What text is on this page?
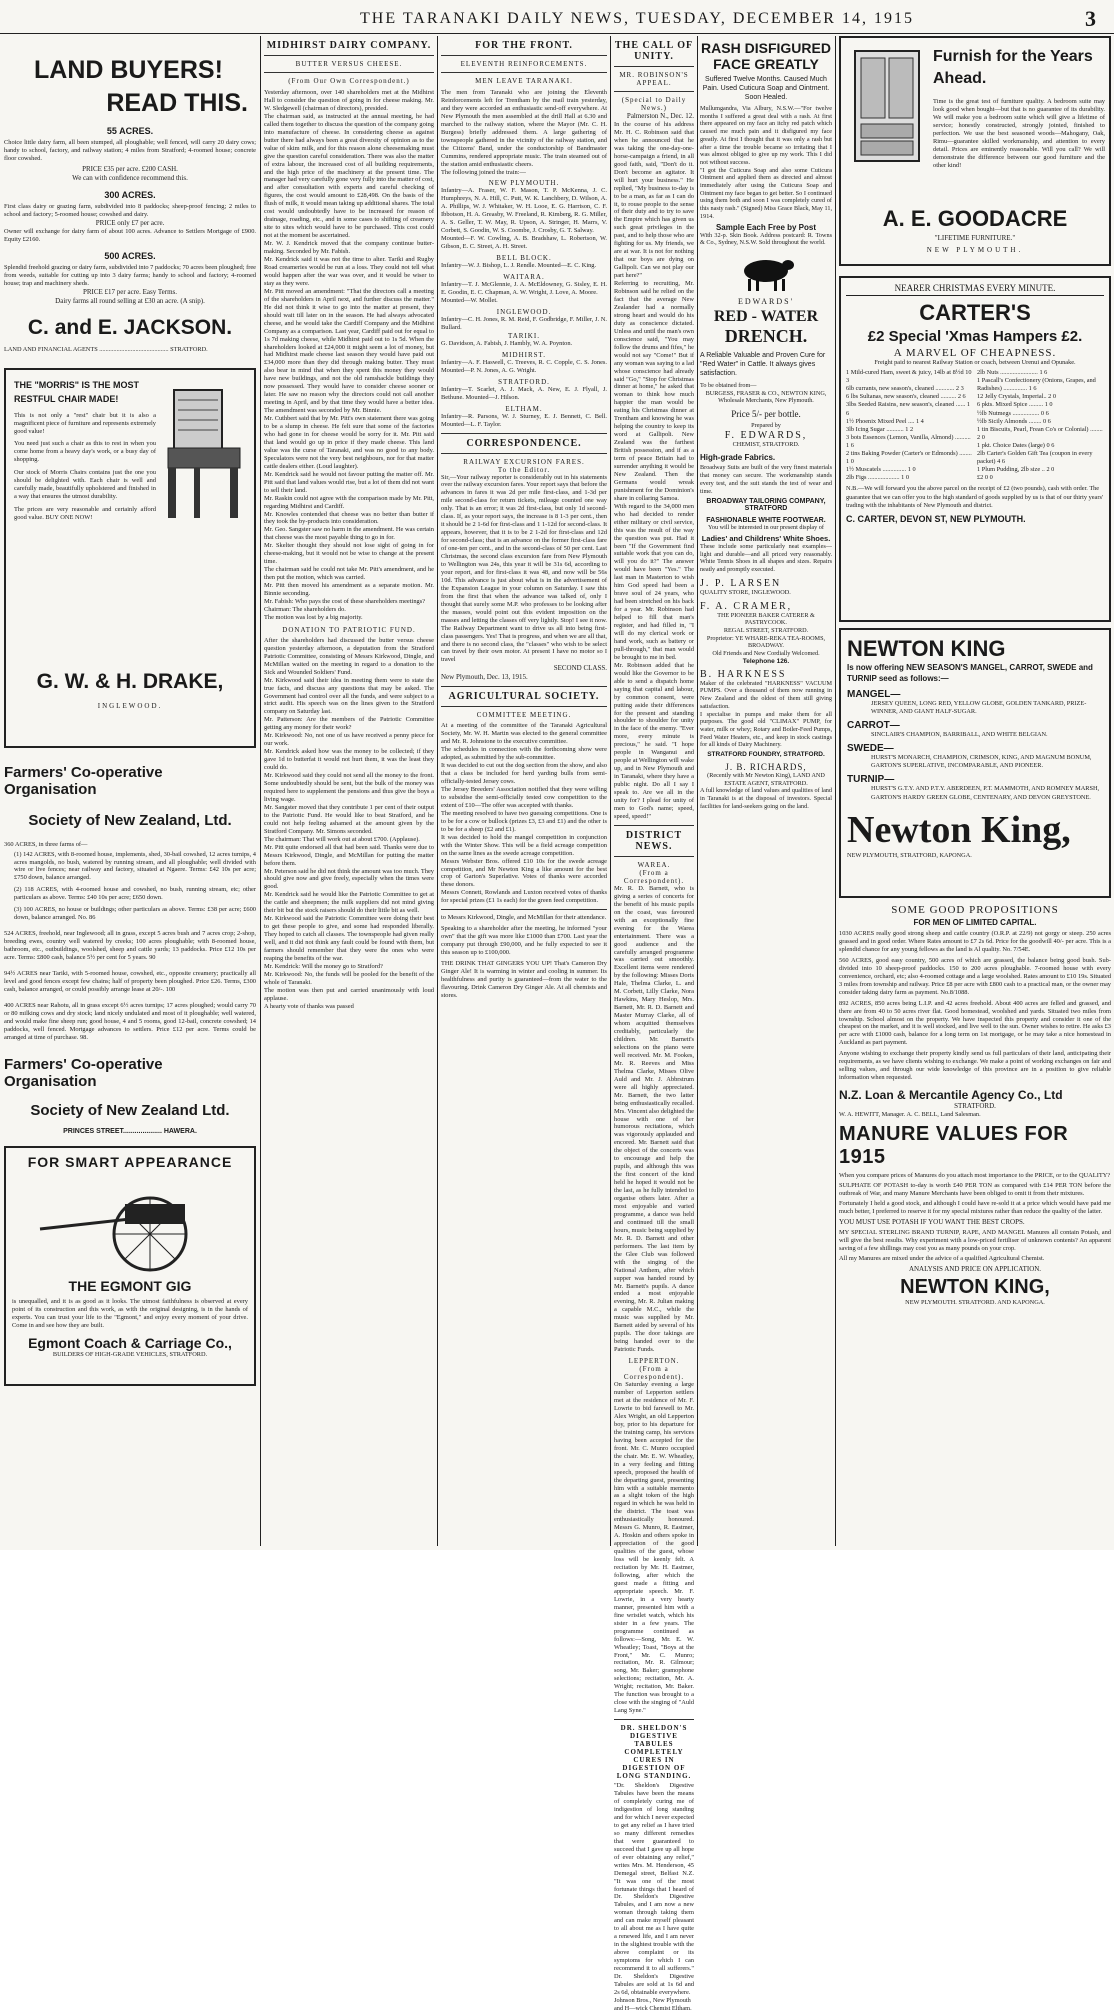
THE TARANAKI DAILY NEWS, TUESDAY, DECEMBER 14, 1915	3
LAND BUYERS!
READ THIS.
55 ACRES.
Choice little dairy farm, all been stumped, all ploughable; well fenced, will carry 20 dairy cows; handy to school, factory, and railway station; 4 miles from Stratford; 4-roomed house; concrete floor cowshed.
PRICE £35 per acre. £200 CASH.
We can with confidence recommend this.
300 ACRES.
First class dairy or grazing farm, subdivided into 8 paddocks; sheep-proof fencing; 2 miles to school and factory; 5-roomed house; cowshed and dairy.
PRICE only £7 per acre.
Owner will exchange for dairy farm of about 100 acres. Advance to Settlers Mortgage of £900. Equity £2160.
500 ACRES.
Splendid freehold grazing or dairy farm, subdivided into 7 paddocks; 70 acres been ploughed; free from weeds, suitable for cutting up into 3 dairy farms; handy to school and factory; 4-roomed house; trap and machinery sheds.
PRICE £17 per acre. Easy Terms.
Dairy farms all round selling at £30 an acre. (A snip).
C. and E. JACKSON.
LAND AND FINANCIAL AGENTS ............................................ STRATFORD.
THE "MORRIS" IS THE MOST RESTFUL CHAIR MADE!
This is not only a "rest" chair but it is also a magnificent piece of furniture and represents extremely good value!
You need just such a chair as this to rest in when you come home from a heavy day's work, or a busy day of shopping.
Our stock of Morris Chairs contains just the one you should be delighted with. Each chair is well and carefully made, beautifully upholstered and finished in a way that ensures the utmost durability.
The prices are very reasonable and certainly afford good value. BUY ONE NOW!
G. W. & H. DRAKE,
INGLEWOOD.
Farmers' Co-operative Organisation
Society of New Zealand, Ltd.
360 ACRES, in three farms of—
(1) 142 ACRES, with 8-roomed house, implements, shed, 30-bail cowshed, 12 acres turnips, 4 acres mangolds, no bush, watered by running stream, and all ploughable; well divided with wire or live fences; near railway and factory, situated at Ngaere. Terms: £42 10s per acre; £750 down, balance arranged.
(2) 118 ACRES, with 4-roomed house and cowshed, no bush, running stream, etc; other particulars as above. Terms: £40 10s per acre; £650 down.
(3) 100 ACRES, no house or buildings; other particulars as above. Terms: £38 per acre; £600 down, balance arranged. No. 86
524 ACRES, freehold, near Inglewood; all in grass, except 5 acres bush and 7 acres crop; 2-shop, breeding ewes, country well watered by creeks; 100 acres ploughable; with 8-roomed house, bathroom, etc., outbuildings, woolshed, sheep and cattle yards; 13 paddocks. Price £12 10s per acre. Terms: £800 cash, balance 5½ per cent for 5 years. 90
94½ ACRES near Tariki, with 5-roomed house, cowshed, etc., opposite creamery; practically all level and good fences except few chains; half of property been ploughed. Price £26. Terms, £300 cash, balance arranged, or could possibly arrange lease at 20/-. 100
400 ACRES near Rahotu, all in grass except 6½ acres turnips; 17 acres ploughed; would carry 70 or 80 milking cows and dry stock; land nicely undulated and most of it ploughable; well watered, and would make fine sheep run; good house, 4 and 5 rooms, good 12-bail, concrete cowshed; 14 paddocks, well fenced. Mortgage advances to settlers. Price £12 per acre. Terms could be arranged at time of purchase. 98.
Farmers' Co-operative Organisation
Society of New Zealand Ltd.
PRINCES STREET.................... HAWERA.
FOR SMART APPEARANCE
THE EGMONT GIG
is unequalled, and it is as good as it looks. The utmost faithfulness is observed at every point of its construction and this work, as with the original designing, is in the hands of experts. You can trust your life to the "Egmont," and enjoy every moment of your drive. Come in and see how they are built.
Egmont Coach & Carriage Co.,
BUILDERS OF HIGH-GRADE VEHICLES, STRATFORD.
MIDHIRST DAIRY COMPANY.
BUTTER VERSUS CHEESE.
(From Our Own Correspondent.)
Yesterday afternoon, over 140 shareholders met at the Midhirst Hall to consider the question of going in for cheese making. Mr. W. Sledgewell (chairman of directors), presided.
The chairman said, as instructed at the annual meeting, he had called them together to discuss the question of the company going into manufacture of cheese. In considering cheese as against butter there had always been a great diversity of opinion as to the value of skim milk, and for this reason alone cheesemaking must give the question careful consideration. There was also the matter of extra labour, the increased cost of all building requirements, and the high price of the machinery at the present time. The manager had very carefully gone very fully into the matter of cost, and after consultation with experts and careful checking of figures, the cost would amount to £28,498. On the basis of the flush of milk, it would mean taking up additional shares. The total cost would undoubtedly have to be increased for reason of drainage, roading, etc., and in some cases to shifting of creamery site to sites which would have to be purchased. This cost could not at the moment be ascertained.
Mr. W. J. Kendrick moved that the company continue butter-making. Seconded by Mr. Fabish.
Mr. Kendrick said it was not the time to alter. Tariki and Rugby Road creameries would be run at a loss. They could not tell what would happen after the war was over, and it would be wiser to stay as they were.
Mr. Pitt moved an amendment: "That the directors call a meeting of the shareholders in April next, and further discuss the matter." He did not think it wise to go into the matter at present, they should wait till later on in the season. He had always advocated cheese, and he would take the Cardiff Company and the Midhirst Company as a comparison. Last year, Cardiff paid out for equal to 1s 7d making cheese, while Midhirst paid out to 1s 5d. When the shareholders looked at £24,000 it might seem a lot of money, but had Midhirst made cheese last season they would have paid out £34,000 more than they did through making butter. They must also bear in mind that when they spent this money they would have new buildings, and not the old ramshackle buildings they now possessed. They would have to consider cheese sooner or later. He saw no reason why the directors could not call another meeting in April, and by that time they would have a better idea. The amendment was seconded by Mr. Binnie.
Mr. Cuthbert said that by Mr. Pitt's own statement there was going to be a slump in cheese. He felt sure that some of the factories who had gone in for cheese would be sorry for it. Mr. Pitt said that land would go up in price if they made cheese. This land value was the curse of Taranaki, and was no good to any body. Speculators were not the very best neighbours, nor for that matter cattle dealers either. (Loud laughter).
Mr. Kendrick said he would not favour putting the matter off. Mr. Pitt said that land values would rise, but a lot of them did not want to sell their land.
Mr. Raskin could not agree with the comparison made by Mr. Pitt, regarding Midhirst and Cardiff.
Mr. Knowles contended that cheese was no better than butter if they took the by-products into consideration.
Mr. Geo. Sangster saw no harm in the amendment. He was certain that cheese was the most payable thing to go in for.
Mr. Skelter thought they should not lose sight of going in for cheese-making, but it would not be wise to change at the present time.
The chairman said he could not take Mr. Pitt's amendment, and he then put the motion, which was carried.
Mr. Pitt then moved his amendment as a separate motion. Mr. Binnie seconding.
Mr. Fabish: Who pays the cost of these shareholders meetings?
Chairman: The shareholders do.
The motion was lost by a big majority.
DONATION TO PATRIOTIC FUND.
After the shareholders had discussed the butter versus cheese question yesterday afternoon, a deputation from the Stratford Patriotic Committee, consisting of Messrs Kirkwood, Dingle, and McMillan waited on the meeting in regard to a donation to the Sick and Wounded Soldiers' Fund.
Mr. Kirkwood said their idea in meeting them were to state the true facts, and discuss any questions that may be asked. The Government had control over all the funds, and were subject to a strict audit. His speech was on the lines given to the Stratford company on Saturday last.
Mr. Patterson: Are the members of the Patriotic Committee getting any money for their work?
Mr. Kirkwood: No, not one of us have received a penny piece for our work.
Mr. Kendrick asked how was the money to be collected; if they gave 1d to butterfat it would not hurt them, it was the least they could do.
Mr. Kirkwood said they could not send all the money to the front. Some undoubtedly should be sent, but the bulk of the money was required here to supplement the pensions and thus give the boys a living wage.
Mr. Sangster moved that they contribute 1 per cent of their output to the Patriotic Fund. He would like to beat Stratford, and he could not help feeling ashamed at the amount given by the Stratford Company. Mr. Simons seconded.
The chairman: That will work out at about £700. (Applause).
Mr. Pitt quite endorsed all that had been said. Thanks were due to Messrs Kirkwood, Dingle, and McMillan for putting the matter before them.
Mr. Peterson said he did not think the amount was too much. They should give now and give freely, especially when the times were good.
Mr. Kendrick said he would like the Patriotic Committee to get at the cattle and sheepmen; the milk suppliers did not mind giving their bit but the stock raisers should do their little bit as well.
Mr. Kirkwood said the Patriotic Committee were doing their best to get these people to give, and some had responded liberally. They hoped to catch all classes. The townspeople had given really well, and it did not think any fault could be found with them, but farmers should remember that they were the ones who were reaping the benefits of the war.
Mr. Kendrick: Will the money go to Stratford?
Mr. Kirkwood: No, the funds will be pooled for the benefit of the whole of Taranaki.
The motion was then put and carried unanimously with loud applause.
A hearty vote of thanks was passed
FOR THE FRONT.
ELEVENTH REINFORCEMENTS.
MEN LEAVE TARANAKI.
The men from Taranaki who are joining the Eleventh Reinforcements left for Trentham by the mail train yesterday, and they were accorded an enthusiastic send-off everywhere. At New Plymouth the men assembled at the drill Hall at 6.30 and marched to the railway station, where the Mayor (Mr. C. H. Burgess) briefly addressed them. A large gathering of townspeople gathered in the vicinity of the railway station, and the Citizens' Band, under the conductorship of Bandmaster Cummins, rendered appropriate music. The train steamed out of the station amid enthusiastic cheers.
The following joined the train:—
NEW PLYMOUTH.
Infantry—A. Fraser, W. F. Mason, T. P. McKenna, J. C. Humphreys, N. A. Hill, C. Putt, W. K. Lanchbery, D. Wilson, A. A. Phillips, W. J. Whitaker, W. H. Looe, E. G. Harrison, C. F. Ibbotson, H. A. Greasby, W. Freeland, R. Kimberg, R. G. Miller, A. S. Geller, T. W. May, R. Upson, A. Stringer, H. Marrs, V. Corbett, S. Goodin, W. S. Coombe, J. Crosby, G. T. Salway.
Mounted—F. W. Cowling, A. B. Bradshaw, L. Robertson, W. Gibson, E. C. Street, A. H. Street.
BELL BLOCK.
Infantry—W. J. Bishop, L. J. Rendle. Mounted—E. C. King.
WAITARA.
Infantry—T. J. McGlennie, J. A. McEldowney, G. Sisley, E. H. E. Goodin, E. C. Chapman, A. W. Wright, J. Love, A. Moore.
Mounted—W. Mollet.
INGLEWOOD.
Infantry—C. H. Jones, R. M. Reid, F. Godbridge, F. Miller, J. N. Bullard.
TARIKI.
G. Davidson, A. Fabish, J. Hambly, W. A. Poynton.
MIDHIRST.
Infantry—A. F. Haswell, C. Treeves, R. C. Copple, C. S. Jones. Mounted—P. N. Jones, A. G. Wright.
STRATFORD.
Infantry—T. Scarlet, A. J. Mack, A. New, E. J. Flyall, J. Bethune. Mounted—J. Hilson.
ELTHAM.
Infantry—R. Parsons, W. J. Sturney, E. J. Bennett, C. Bell. Mounted—L. F. Taylor.
CORRESPONDENCE.
RAILWAY EXCURSION FARES.
To the Editor.
Sir,—Your railway reporter is considerably out in his statements over the railway excursion fares. Your report says that before the advances in fares it was 2d per mile first-class, and 1-3d per mile second-class for return tickets, mileage counted one way only. That is an error; it was 2d first-class, but only 1d second-class. If, as your report says, the increase is 8 1-3 per cent., then it should be 2 1-6d for first-class and 1 1-12d for second-class. It appears, however, that it is to be 2 1-2d for first-class and 12d for second-class; that is an advance on the former first-class fare of one-ten per cent., and in the second-class of 50 per cent. Last Christmas, the second class excursion fare from New Plymouth to Wellington was 24s, this year it will be 31s 6d, according to your report, and for first-class it was 48, and now will be 56s 10d. This advance is just about what is in the advertisement of the Expansion League in your column on Saturday. I saw this from the first that when the advance was talked of, only I thought that surely some M.P. who professes to be looking after the masses, would point out this evident imposition on the masses and letting the classes off very lightly. Stop! I see it now. The Railway Department want to drive us all into being first-class passengers. Yes! That is progress, and when we are all that, and there is no second class, the "classes" who wish to be select can travel by their own motor. At present I have no motor so I travel
SECOND CLASS.
New Plymouth, Dec. 13, 1915.
AGRICULTURAL SOCIETY.
COMMITTEE MEETING.
At a meeting of the committee of the Taranaki Agricultural Society, Mr. W. H. Martin was elected to the general committee and Mr. R. Johnstone to the executive committee.
The schedules in connection with the forthcoming show were adopted, as submitted by the sub-committee.
It was decided to cut out the dog section from the show, and also that a class be included for herd yarding bulls from semi-officially-tested Jersey cows.
The Jersey Breeders' Association notified that they were willing to subsidise the semi-officially tested cow competition to the extent of £10—The offer was accepted with thanks.
The meeting resolved to have two guessing competitions. One is to be for a cow or bullock (prizes £3, £3 and £1) and the other is to be for a sheep (£2 and £1).
It was decided to hold the mangel competition in conjunction with the Winter Show. This will be a field acreage competition on the same lines as the swede acreage competition.
Messrs Webster Bros. offered £10 10s for the swede acreage competition, and Mr Newton King a like amount for the best crop of Garton's Superlative. Votes of thanks were accorded these donors.
Messrs Connett, Rowlands and Luxton received votes of thanks for special prizes (£1 1s each) for the green feed competition.
to Messrs Kirkwood, Dingle, and McMillan for their attendance.
Speaking to a shareholder after the meeting, he informed "your own" that the gift was more like £1000 than £700. Last year the company put through £90,000, and he fully expected to see it this season up to £100,000.
THE DRINK THAT GINGERS YOU UP! That's Cameron Dry Ginger Ale! It is warming in winter and cooling in summer. Its healthfulness and purity is guaranteed—from the water to the flavouring. Drink Cameron Dry Ginger Ale. At all chemists and stores.
THE CALL OF UNITY.
MR. ROBINSON'S APPEAL.
(Special to Daily News.)
Palmerston N., Dec. 12.
In the course of his address Mr. H. C. Robinson said that when he announced that he was taking the one-day-one-horse-campaign a friend, in all good faith, said, "Don't do it. Don't become an agitator. It will hurt your business." He replied, "My business to-day is to be a man, as far as I can do it, to rouse people to the sense of their duty and to try to save the Empire which has given us such great privileges in the past, and to help those who are fighting for us. My friends, we are at war. It is not for nothing that our boys are dying on Gallipoli. Can we not play our part here?"
Referring to recruiting, Mr. Robinson said he relied on the fact that the average New Zealander had a normally strong heart and would do his duty as conscience dictated. Unless and until the man's own conscience said, "You may follow the drums and fifes," he would not say "Come!" But if any woman was saying to a lad whose conscience had already said "Go," "Stop for Christmas dinner at home," he asked that woman to think how much happier the man would be eating his Christmas dinner at Trentham and knowing he was helping the country to keep its word at Gallipoli. New Zealand was the farthest British possession, and if as a term of peace Britain had to surrender anything it would be New Zealand. Then the Germans would wreak punishment for the Dominion's share in collaring Samoa.
With regard to the 34,000 men who had decided to render either military or civil service, this was the result of the way the question was put. Had it been "If the Government find suitable work that you can do, will you do it?" The answer would have been "Yes." The last man in Masterton to wish him God speed had been a brave soul of 24 years, who had been stretched on his back for a year. Mr. Robinson had helped to fill that man's register, and had filled in, "I will do my clerical work or hand work, such as battery or pull-through," that man would be brought to me in bed.
Mr. Robinson added that he would like the Governor to be able to send a dispatch home saying that capital and labour, by common consent, were putting aside their differences for the present and standing shoulder to shoulder for unity in the face of the enemy. "Ever more, every minute is precious," he said. "I hope people in Wanganui and people at Wellington will wake up, and in New Plymouth and in Taranaki, where they have a public night. Do all I say I speak to. Are we all in the unity for? I plead for unity of men to God's name; speed, speed, speed!"
DISTRICT NEWS.
WAREA.
(From a Correspondent).
Mr. R. D. Barnett, who is giving a series of concerts for the benefit of his music pupils on the coast, was favoured with an exceptionally fine evening for the Warea entertainment. There was a good audience and the carefully arranged programme was carried out smoothly. Excellent items were rendered by the following: Misses Doris Hale, Thelma Clarke, L. and M. Corbett, Lilly Clarke, Nora Hawkins, Mary Heslop, Mrs. Barnett, Mr. R. D. Barnett and Master Murray Clarke, all of whom acquitted themselves creditably, particularly the children. Mr. Barnett's selections on the piano were well received. Mr. M. Fookes, Mr. R. Reeves and Miss Thelma Clarke, Misses Olive Auld and Mr. J. Abbrstrum were all highly appreciated. Mr. Barnett, the two latter being enthusiastically recalled. Mrs. Vincent also delighted the house with one of her humorous recitations, which was vigorously applauded and encored. Mr. Barnett said that the object of the concerts was to encourage and help the pupils, and although this was the first concert of the kind held he hoped it would not be the last, as he fully intended to organise others later. After a most enjoyable and varied programme, a dance was held and continued till the small hours, music being supplied by Mr. R. D. Barnett and other performers. The last item by the Glee Club was followed with the singing of the National Anthem, after which supper was handed round by Mr. Barnett's pupils. A dance ended a most enjoyable evening, Mr. R. Julian making a capable M.C., while the music was supplied by Mr. Barnett aided by several of his pupils. The door takings are being handed over to the Patriotic Funds.
LEPPERTON.
(From a Correspondent).
On Saturday evening a large number of Lepperton settlers met at the residence of Mr. F. Lowrie to bid farewell to Mr. Alex Wright, an old Lepperton boy, prior to his departure for the training camp, his services having been accepted for the front. Mr. C. Munro occupied the chair. Mr. E. W. Wheatley, in a very feeling and fitting speech, proposed the health of the departing guest, presenting him with a suitable memento as a slight token of the high regard in which he was held in the district. The toast was enthusiastically honoured. Messrs G. Munro, R. Eastmer, A. Hoskin and others spoke in appreciation of the good qualities of the guest, whose loss will be keenly felt. A recitation by Mr. H. Eastmer, following, after which the guest made a fitting and appropriate speech. Mr. F. Lowrie, in a very hearty manner, presented him with a fine wristlet watch, which his sister in a few years. The programme continued as follows:—Song, Mr. E. W. Wheatley; Toast, "Boys at the Front," Mr. C. Munro; recitation, Mr. R. Gilmour; song, Mr. Baker; gramophone selections; recitation, Mr. A. Wright; recitation, Mr. Baker. The function was brought to a close with the singing of "Auld Lang Syne."
DR. SHELDON'S DIGESTIVE TABULES COMPLETELY CURES IN DIGESTION OF LONG STANDING.
"Dr. Sheldon's Digestive Tabules have been the means of completely curing me of indigestion of long standing and for which I never expected to get any relief as I have tried so many different remedies that were guaranteed to succeed that I gave up all hope of ever obtaining any relief," writes Mrs. M. Henderson, 45 Demegal street, Belfast N.Z. "It was one of the most fortunate things that I heard of Dr. Sheldon's Digestive Tabules, and I am now a new woman through taking them and can make myself pleasant to all about me as I have quite a renewed life, and I am never in the slightest trouble with the above complaint or its symptoms for which I can recommend it to all sufferers." Dr. Sheldon's Digestive Tabules are sold at 1s 6d and 2s 6d, obtainable everywhere.
Johnson Bros., New Plymouth and H—wick Chemist Eltham.
Furnish for the Years Ahead.
Time is the great test of furniture quality. A bedroom suite may look good when bought—but that is no guarantee of its durability. We will make you a bedroom suite which will give a lifetime of service; honestly constructed, strongly jointed, finished to perfection. We use the best seasoned woods—Mahogany, Oak, Rimu—guarantee skilled workmanship, and attention to every detail. Prices are eminently reasonable. Will you call? We will demonstrate the difference between our good furniture and the other kind!
A. E. GOODACRE
"LIFETIME FURNITURE."
NEW PLYMOUTH.
NEARER CHRISTMAS EVERY MINUTE.
CARTER'S
£2 Special 'Xmas Hampers £2.
A MARVEL OF CHEAPNESS.
Freight paid to nearest Railway Station or coach, between Urenui and Opunake.
1 Mild-cured Ham, sweet & juicy, 14lb at 8½d 10 3
6lb currants, new season's, cleaned ............ 2 3
6 lbs Sultanas, new season's, cleaned .......... 2 6
3lbs Seeded Raisins, new season's, cleaned ...... 1 6
1½ Phoenix Mixed Peel .... 1 4
3lb Icing Sugar ........... 1 2
3 bots Essences (Lemon, Vanilla, Almond) .......... 1 6
2 tins Baking Powder (Carter's or Edmonds) ........ 1 0
1½ Muscatels ............... 1 0
2lb Figs .................... 1 0
2lb Nuts ........................ 1 6
1 Pascall's Confectionery (Onions, Grapes, and Radishes) ............... 1 6
12 Jelly Crystals, Imperial.. 2 0
6 pkts. Mixed Spice ......... 1 0
½lb Nutmegs ................. 0 6
½lb Sicily Almonds ........ 0 6
1 tin Biscuits, Pearl, Frean Co's or Colonial) ........ 2 0
1 pkt. Choice Dates (large) 0 6
2lb Carter's Golden Gift Tea (coupon in every packet) 4 6
1 Plum Pudding, 2lb size .. 2 0
£2 0 0
N.B.—We will forward you the above parcel on the receipt of £2 (two pounds), cash with order. The guarantee that we can offer you to the high standard of goods supplied by us is that of our thirty years' trading with the inhabitants of New Plymouth and district.
C. CARTER, DEVON ST, NEW PLYMOUTH.
NEWTON KING
Is now offering NEW SEASON'S MANGEL, CARROT, SWEDE and TURNIP seed as follows:—
MANGEL—
JERSEY QUEEN, LONG RED, YELLOW GLOBE, GOLDEN TANKARD, PRIZE-WINNER, AND GIANT HALF-SUGAR.
CARROT—
SINCLAIR'S CHAMPION, BARRIBALL, AND WHITE BELGIAN.
SWEDE—
HURST'S MONARCH, CHAMPION, CRIMSON, KING, AND MAGNUM BONUM, GARTON'S SUPERLATIVE, INCOMPARABLE, AND PIONEER.
TURNIP—
HURST'S G.T.Y. AND P.T.Y. ABERDEEN, P.T. MAMMOTH, AND ROMNEY MARSH, GARTON'S HARDY GREEN GLOBE, CENTENARY, AND DEVON GREYSTONE.
Newton King,
NEW PLYMOUTH, STRATFORD, KAPONGA.
SOME GOOD PROPOSITIONS
FOR MEN OF LIMITED CAPITAL.
1030 ACRES really good strong sheep and cattle country (O.R.P. at 22/9) not gorgy or steep. 250 acres grassed and in good order. Where Rates amount to £7 2s 6d. Price for the goodwill 40/- per acre. This is a splendid chance for any young fellows as the land is Al quality. No. 7/54E.
560 ACRES, good easy country, 500 acres of which are grassed, the balance being good bush. Sub-divided into 10 sheep-proof paddocks. 150 to 200 acres ploughable. 7-roomed house with every convenience, orchard, etc; also 4-roomed cottage and a large woolshed. Rates amount to £10 19s. Situated 3 miles from township and railway. Price £8 per acre with £800 cash to a practical man, or the owner may consider taking dairy farm as payment. No.8/1088.
892 ACRES, 850 acres being L.I.P. and 42 acres freehold. About 400 acres are felled and grassed, and there are from 40 to 50 acres river flat. Good homestead, woolshed and yards. Situated two miles from township. School almost on the property. We have inspected this property and consider it one of the cheapest on the market, and it is well stocked, and live well to the sun. Owner wishes to retire. He asks £3 per acre with £1000 cash, balance for a long term on 1st mortgage, or he may take a nice homestead in Auckland as part payment.
Anyone wishing to exchange their property kindly send us full particulars of their land, anticipating their requirements, as we have clients wishing to exchange. We make a point of working exchanges on fair and selling values, and through our wide knowledge of this province are in a position to give reliable information when requested.
N.Z. Loan & Mercantile Agency Co., Ltd
STRATFORD.
W. A. HEWITT, Manager. A. C. BELL, Land Salesman.
MANURE VALUES FOR 1915
When you compare prices of Manures do you attach most importance to the PRICE, or to the QUALITY?
SULPHATE OF POTASH to-day is worth £40 PER TON as compared with £14 PER TON before the outbreak of War, and many Manure Merchants have been obliged to omit it from their mixtures.
Fortunately I held a good stock, and although I could have re-sold it at a price which would have paid me much better, I preferred to reserve it for my special mixtures rather than reduce the quality of the latter.
YOU MUST USE POTASH IF YOU WANT THE BEST CROPS.
MY SPECIAL STERLING BRAND TURNIP, RAPE, AND MANGEL Manures all contain Potash, and will give the best results. Why experiment with a low-priced fertiliser of unknown contents? An apparent saving of a few shillings may cost you as many pounds on your crop.
All my Manures are mixed under the advice of a qualified Agricultural Chemist.
ANALYSIS AND PRICE ON APPLICATION.
NEWTON KING,
NEW PLYMOUTH. STRATFORD. AND KAPONGA.
RASH DISFIGURED
FACE GREATLY
Suffered Twelve Months. Caused Much Pain. Used Cuticura Soap and Ointment. Soon Healed.
Mullumgandra, Via Albury, N.S.W.—"For twelve months I suffered a great deal with a rash. At first there appeared on my face an itchy red patch which caused me much pain and it disfigured my face greatly. At first I thought that it was only a rash but after a time the trouble became so irritating that I was almost obliged to give up my work. This I did not without success.
"I got the Cuticura Soap and also some Cuticura Ointment and applied them as directed and almost immediately after using the Cuticura Soap and Ointment my face began to get better. So I continued using them both and soon I was completely cured of this nasty rash." (Signed) Miss Grace Black, May 11, 1914.
Sample Each Free by Post
With 32-p. Skin Book. Address postcard: R. Towns & Co., Sydney, N.S.W. Sold throughout the world.
EDWARDS'
RED - WATER
DRENCH.
A Reliable Valuable and Proven Cure for "Red Water" in Cattle. It always gives satisfaction.
To be obtained from—
BURGESS, FRASER & CO., NEWTON KING, Wholesale Merchants, New Plymouth.
Price 5/- per bottle.
Prepared by
F. EDWARDS,
CHEMIST, STRATFORD.
High-grade Fabrics.
Broadway Suits are built of the very finest materials that money can secure. The workmanship stands every test, and the suit stands the test of wear and time.
BROADWAY TAILORING COMPANY, STRATFORD
FASHIONABLE WHITE FOOTWEAR.
You will be interested in our present display of
Ladies' and Childrens' White Shoes.
These include some particularly neat examples—light and durable—and all priced very reasonably. White Tennis Shoes in all shapes and sizes. Repairs neatly and promptly executed.
J. P. LARSEN
QUALITY STORE, INGLEWOOD.
F. A. CRAMER,
THE PIONEER BAKER CATERER & PASTRYCOOK.
REGAL STREET, STRATFORD.
Proprietor: YE WHARE-REKA TEA-ROOMS, BROADWAY.
Old Friends and New Cordially Welcomed.
Telephone 126.
B. HARKNESS
Maker of the celebrated "HARKNESS" VACUUM PUMPS. Over a thousand of them now running in New Zealand and the oldest of them still giving satisfaction.
I specialise in pumps and make them for all purposes. The good old "CLIMAX" PUMP, for water, milk or whey; Rotary and Boiler-Feed Pumps, Feed Water Heaters, etc., and keep in stock castings for all kinds of Dairy Machinery.
STRATFORD FOUNDRY, STRATFORD.
J. B. RICHARDS,
(Recently with Mr Newton King), LAND AND ESTATE AGENT, STRATFORD.
A full knowledge of land values and qualities of land in Taranaki is at the disposal of investors. Special facilities for land-seekers going on the land.
